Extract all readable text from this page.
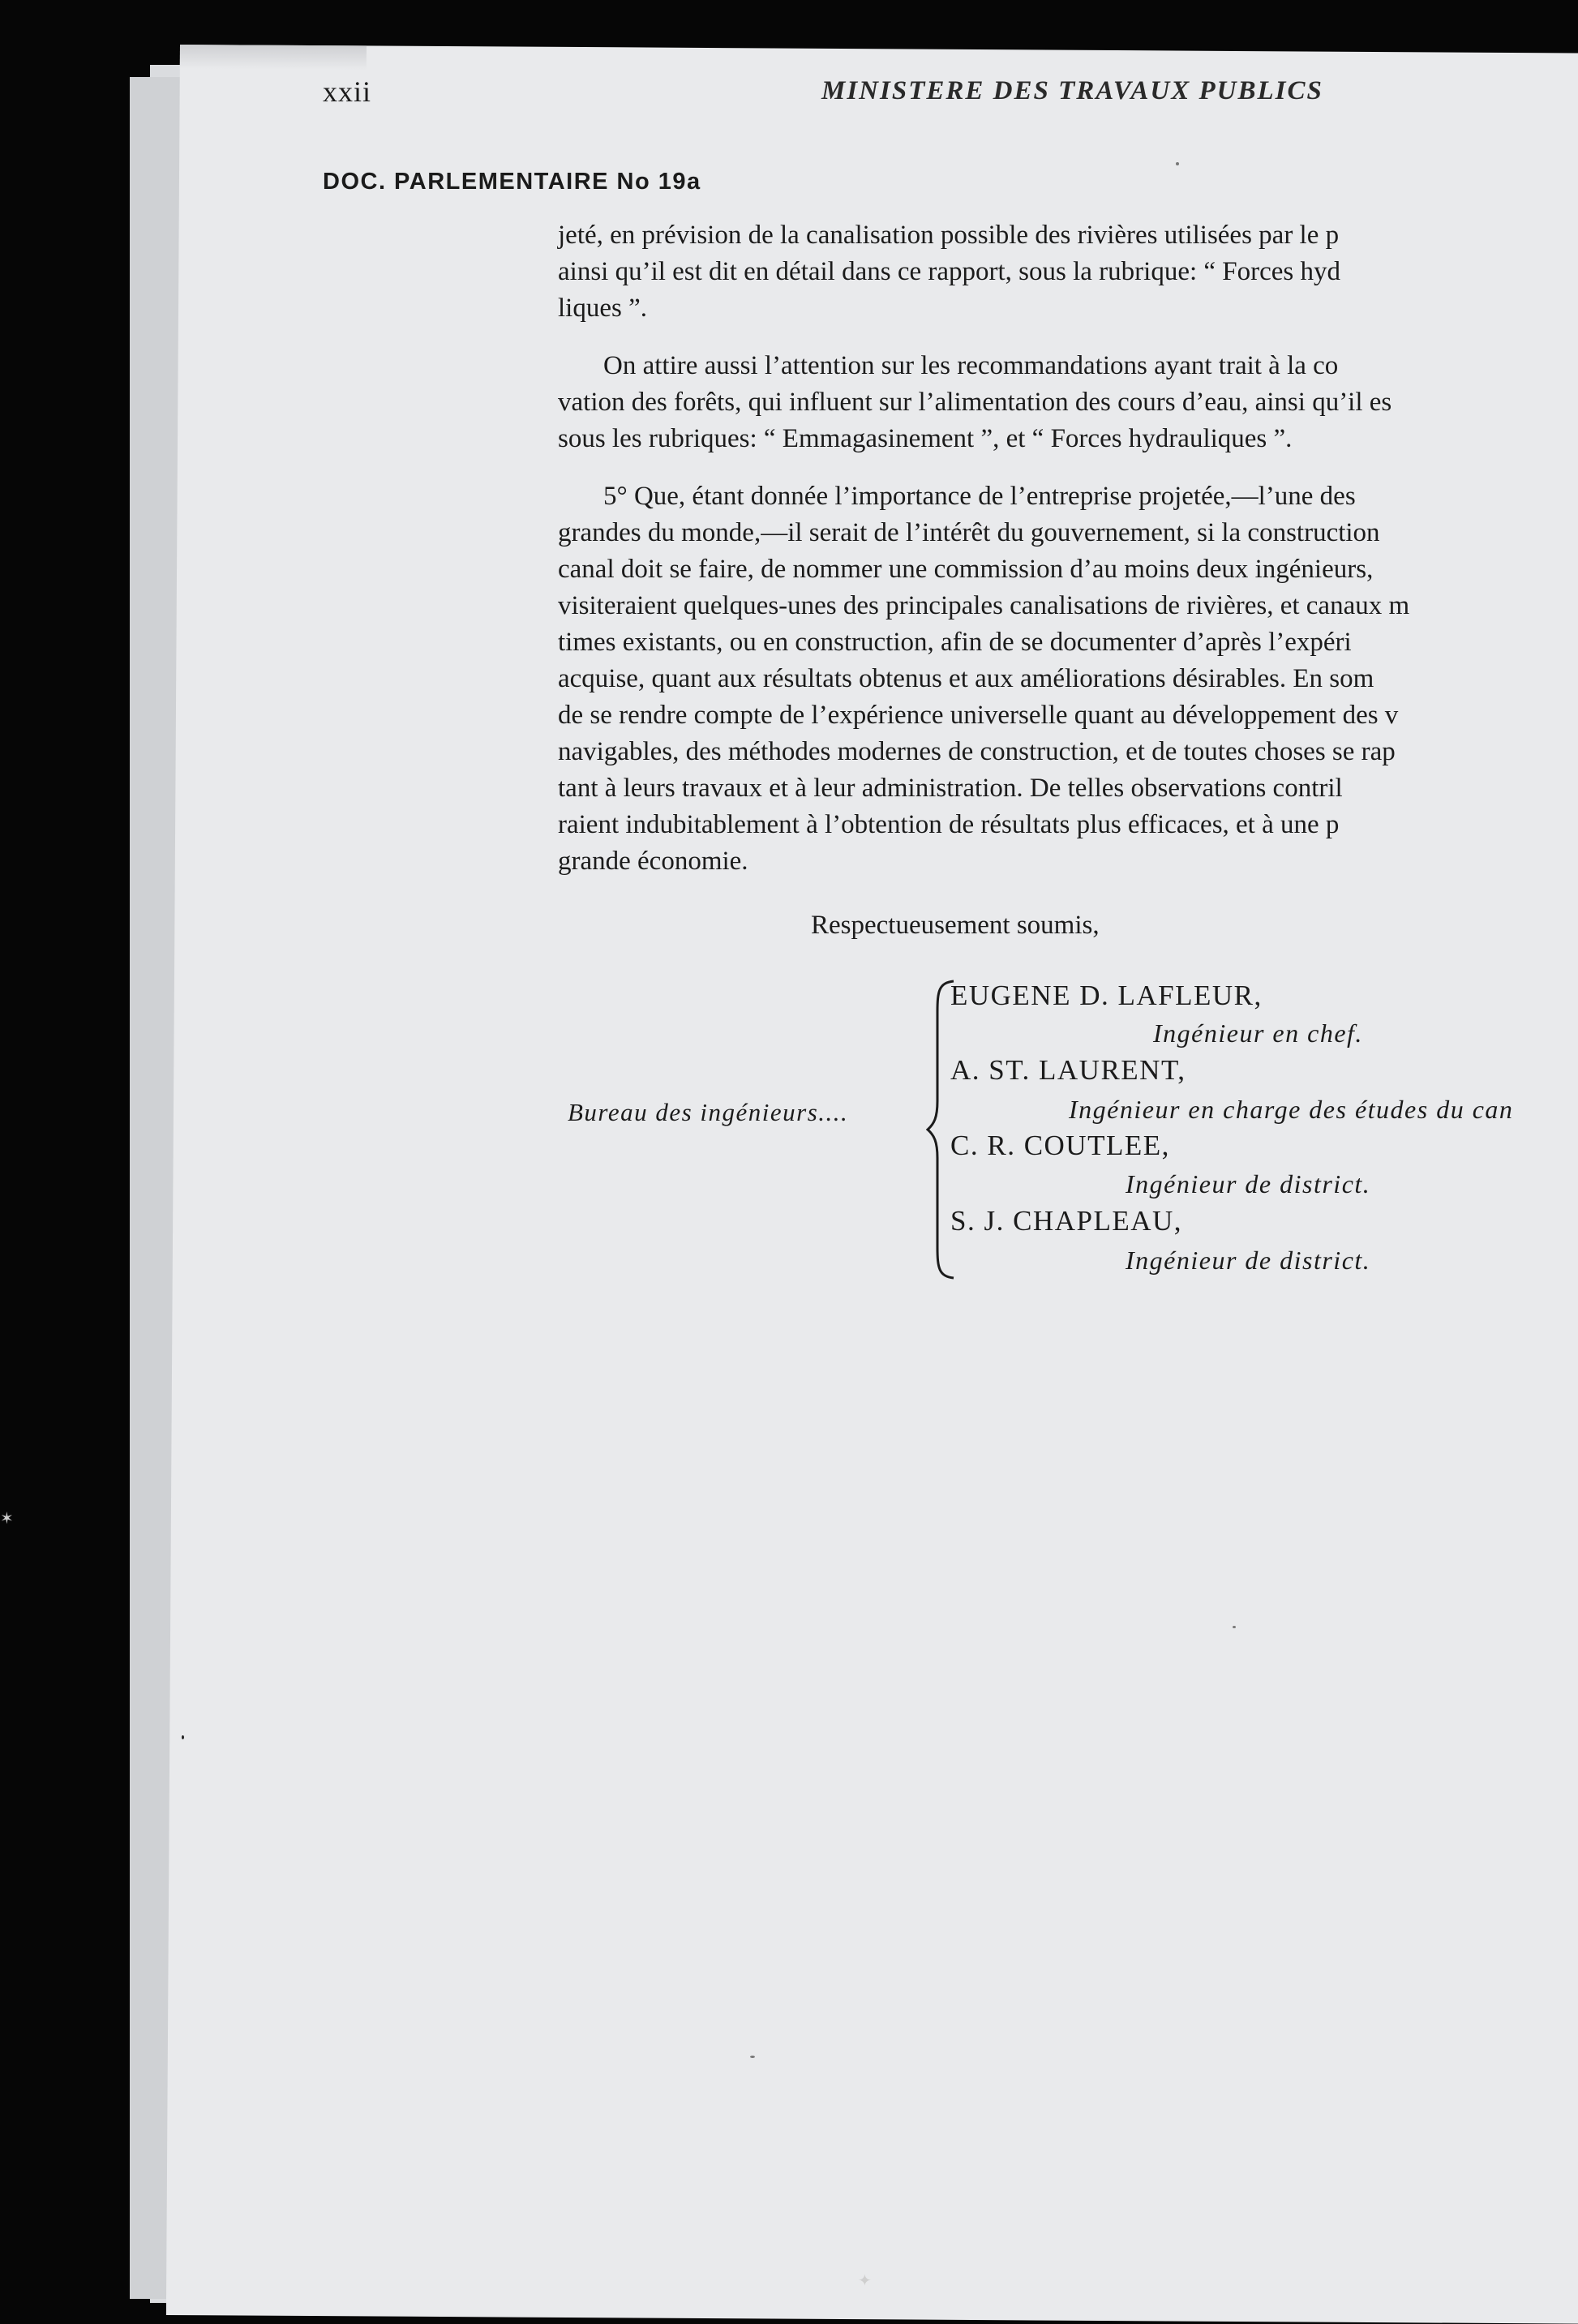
xxii	MINISTERE DES TRAVAUX PUBLICS
DOC. PARLEMENTAIRE No 19a

jeté, en prévision de la canalisation possible des rivières utilisées par le p

ainsi qu’il est dit en détail dans ce rapport, sous la rubrique: “ Forces hyd

liques ”.

On attire aussi l’attention sur les recommandations ayant trait à la co

vation des forêts, qui influent sur l’alimentation des cours d’eau, ainsi qu’il es

sous les rubriques: “ Emmagasinement ”, et “ Forces hydrauliques ”.

5° Que, étant donnée l’importance de l’entreprise projetée,—l’une des

grandes du monde,—il serait de l’intérêt du gouvernement, si la construction

canal doit se faire, de nommer une commission d’au moins deux ingénieurs,

visiteraient quelques-unes des principales canalisations de rivières, et canaux m

times existants, ou en construction, afin de se documenter d’après l’expéri

acquise, quant aux résultats obtenus et aux améliorations désirables. En som

de se rendre compte de l’expérience universelle quant au développement des v

navigables, des méthodes modernes de construction, et de toutes choses se rap

tant à leurs travaux et à leur administration. De telles observations contril

raient indubitablement à l’obtention de résultats plus efficaces, et à une p

grande économie.

Respectueusement soumis,
Bureau des ingénieurs....
EUGENE D. LAFLEUR,
Ingénieur en chef.
A. ST. LAURENT,
Ingénieur en charge des études du can
C. R. COUTLEE,
Ingénieur de district.
S. J. CHAPLEAU,
Ingénieur de district.
✶
✦
